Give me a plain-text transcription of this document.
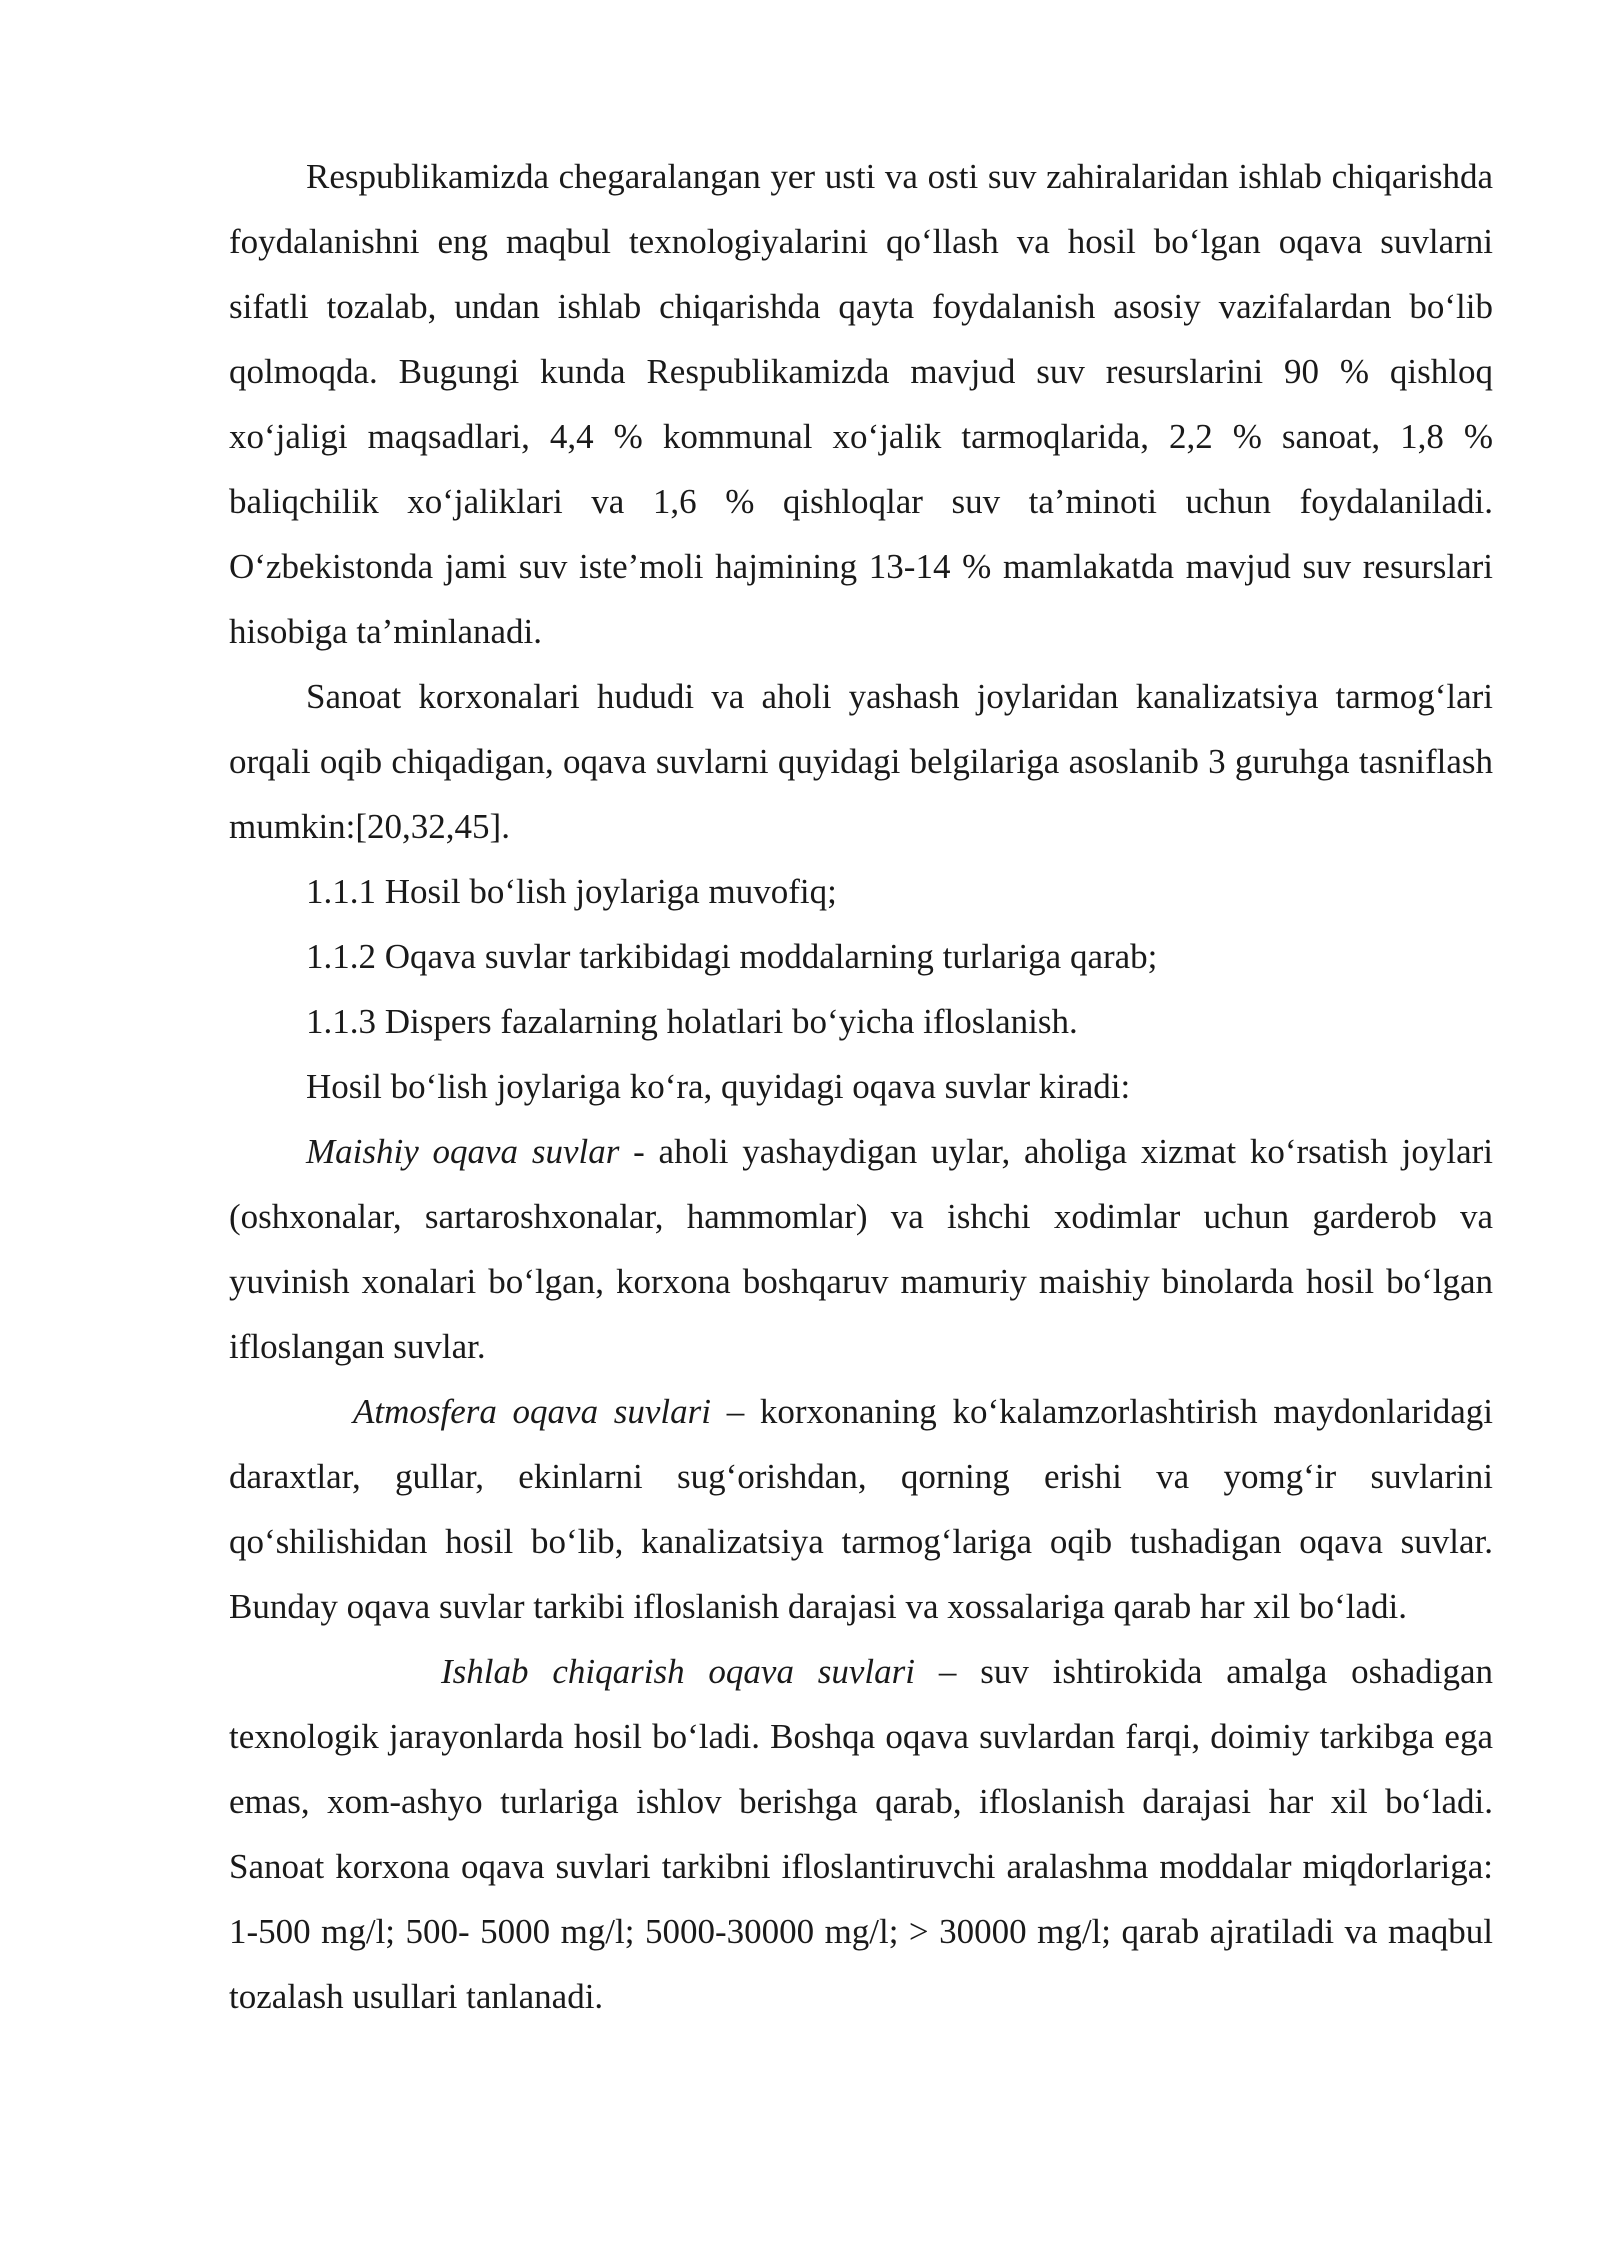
Respublikamizda chegaralangan yer usti va osti suv zahiralaridan ishlab chiqarishda foydalanishni eng maqbul texnologiyalarini qo‘llash va hosil bo‘lgan oqava suvlarni sifatli tozalab, undan ishlab chiqarishda qayta foydalanish asosiy vazifalardan bo‘lib qolmoqda. Bugungi kunda Respublikamizda mavjud suv resurslarini 90 % qishloq xo‘jaligi maqsadlari, 4,4 % kommunal xo‘jalik tarmoqlarida, 2,2 % sanoat, 1,8 % baliqchilik xo‘jaliklari va 1,6 % qishloqlar suv ta’minoti uchun foydalaniladi. O‘zbekistonda jami suv iste’moli hajmining 13-14 % mamlakatda mavjud suv resurslari hisobiga ta’minlanadi.

Sanoat korxonalari hududi va aholi yashash joylaridan kanalizatsiya tarmog‘lari orqali oqib chiqadigan, oqava suvlarni quyidagi belgilariga asoslanib 3 guruhga tasniflash mumkin:[20,32,45].

1.1.1 Hosil bo‘lish joylariga muvofiq;

1.1.2 Oqava suvlar tarkibidagi moddalarning turlariga qarab;

1.1.3 Dispers fazalarning holatlari bo‘yicha ifloslanish.

Hosil bo‘lish joylariga ko‘ra, quyidagi oqava suvlar kiradi:

Maishiy oqava suvlar - aholi yashaydigan uylar, aholiga xizmat ko‘rsatish joylari (oshxonalar, sartaroshxonalar, hammomlar) va ishchi xodimlar uchun garderob va yuvinish xonalari bo‘lgan, korxona boshqaruv mamuriy maishiy binolarda hosil bo‘lgan ifloslangan suvlar.

Atmosfera oqava suvlari – korxonaning ko‘kalamzorlashtirish maydonlaridagi daraxtlar, gullar, ekinlarni sug‘orishdan, qorning erishi va yomg‘ir suvlarini qo‘shilishidan hosil bo‘lib, kanalizatsiya tarmog‘lariga oqib tushadigan oqava suvlar. Bunday oqava suvlar tarkibi ifloslanish darajasi va xossalariga qarab har xil bo‘ladi.

Ishlab chiqarish oqava suvlari – suv ishtirokida amalga oshadigan texnologik jarayonlarda hosil bo‘ladi. Boshqa oqava suvlardan farqi, doimiy tarkibga ega emas, xom-ashyo turlariga ishlov berishga qarab, ifloslanish darajasi har xil bo‘ladi. Sanoat korxona oqava suvlari tarkibni ifloslantiruvchi aralashma moddalar miqdorlariga: 1-500 mg/l; 500- 5000 mg/l; 5000-30000 mg/l; > 30000 mg/l; qarab ajratiladi va maqbul tozalash usullari tanlanadi.
